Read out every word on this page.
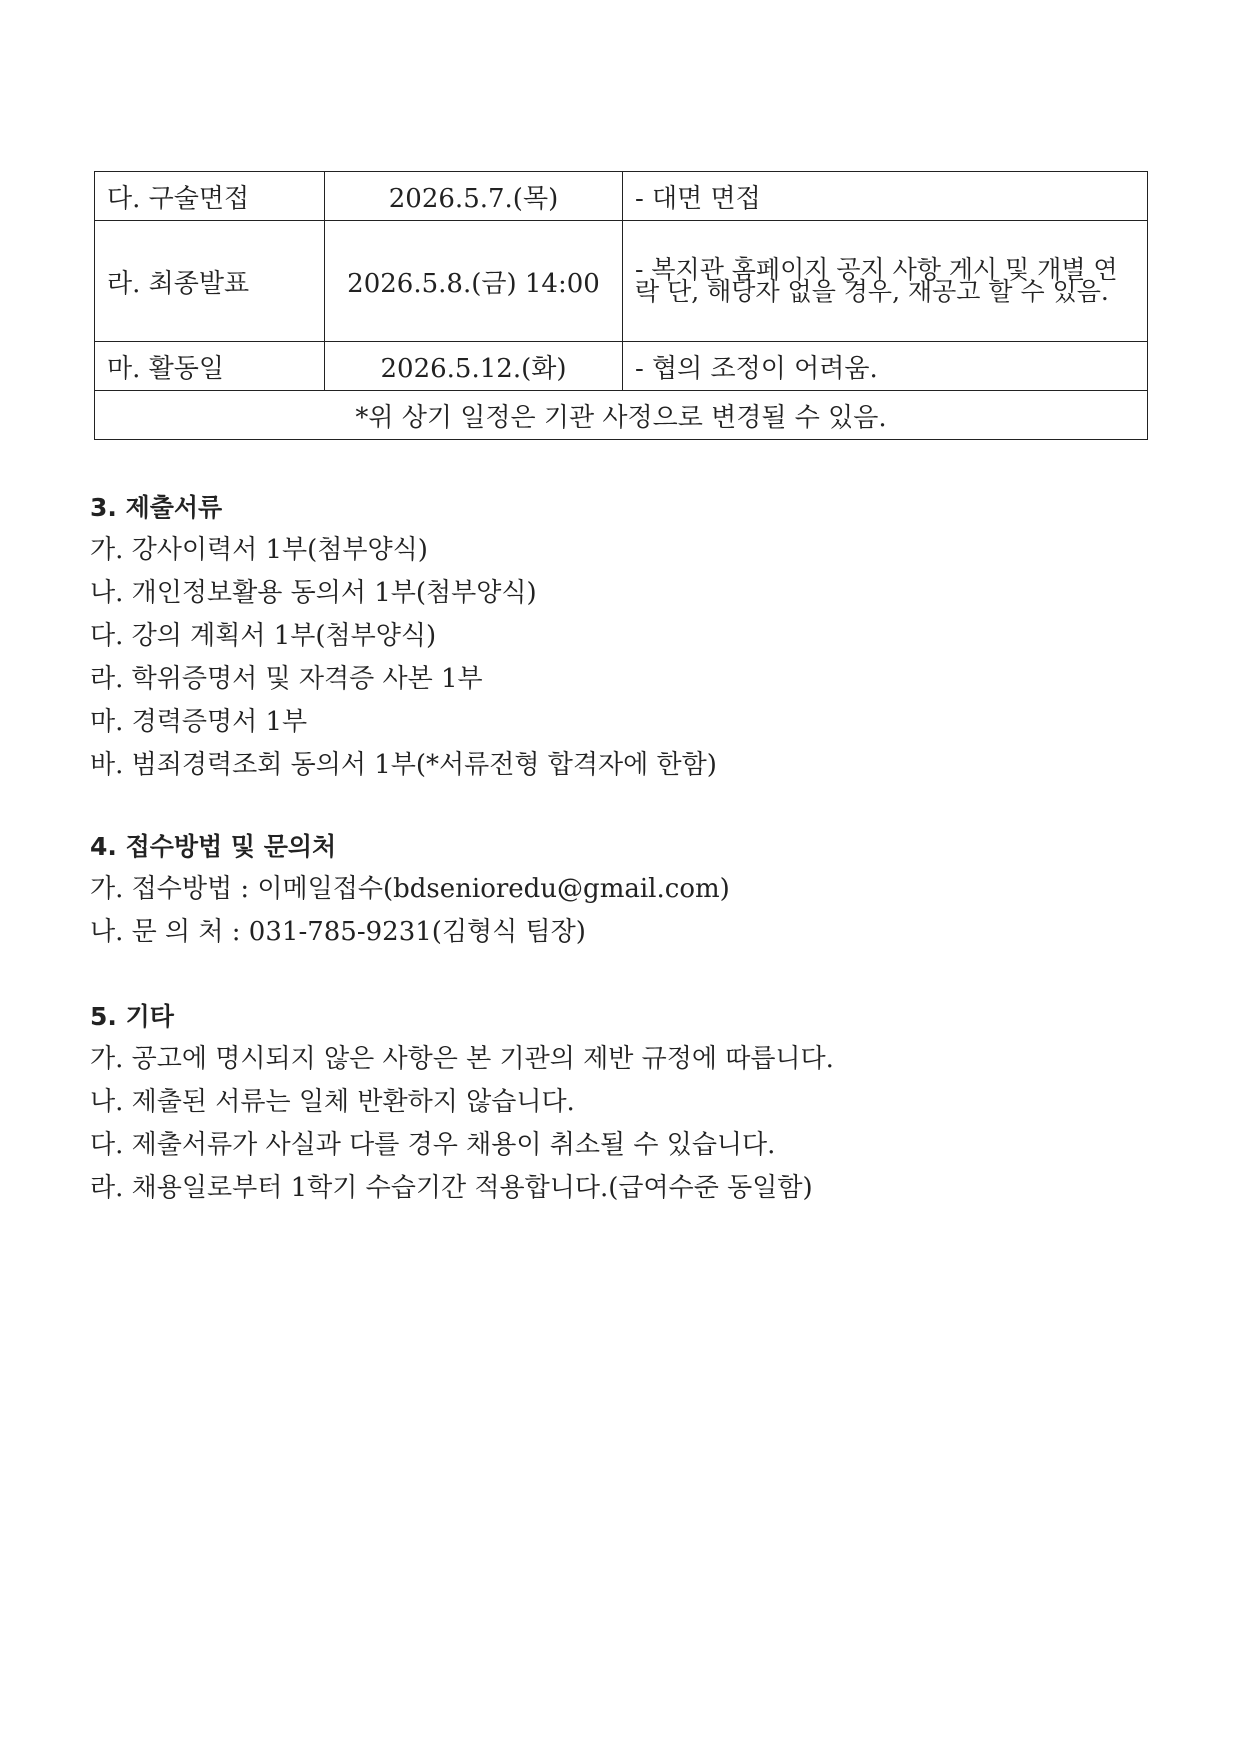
다. 구술면접	2026.5.7.(목)	- 대면 면접
라. 최종발표	2026.5.8.(금) 14:00	- 복지관 홈페이지 공지 사항 게시 및 개별 연락 단, 해당자 없을 경우, 재공고 할 수 있음.
마. 활동일	2026.5.12.(화)	- 협의 조정이 어려움.
*위 상기 일정은 기관 사정으로 변경될 수 있음.		
3. 제출서류
가. 강사이력서 1부(첨부양식)
나. 개인정보활용 동의서 1부(첨부양식)
다. 강의 계획서 1부(첨부양식)
라. 학위증명서 및 자격증 사본 1부
마. 경력증명서 1부
바. 범죄경력조회 동의서 1부(*서류전형 합격자에 한함)
4. 접수방법 및 문의처
가. 접수방법 : 이메일접수(bdsenioredu@gmail.com)
나. 문 의 처 : 031-785-9231(김형식 팀장)
5. 기타
가. 공고에 명시되지 않은 사항은 본 기관의 제반 규정에 따릅니다.
나. 제출된 서류는 일체 반환하지 않습니다.
다. 제출서류가 사실과 다를 경우 채용이 취소될 수 있습니다.
라. 채용일로부터 1학기 수습기간 적용합니다.(급여수준 동일함)
